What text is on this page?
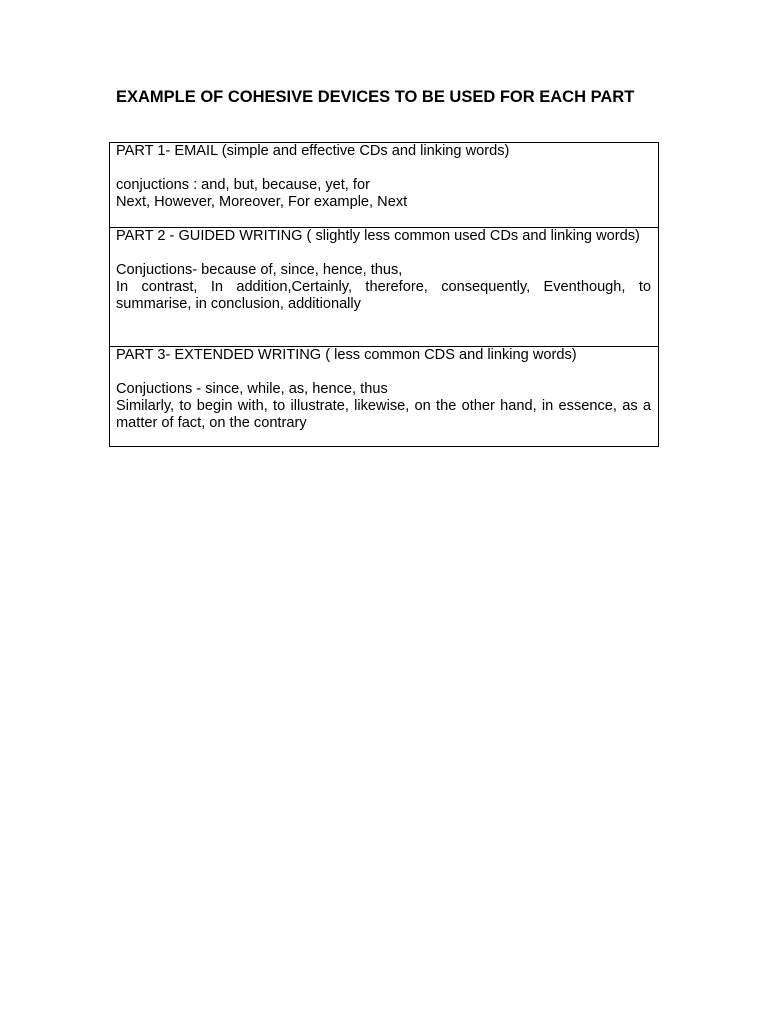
EXAMPLE OF COHESIVE DEVICES TO BE USED FOR EACH PART

PART 1- EMAIL (simple and effective CDs and linking words)

conjuctions : and, but, because, yet, for

Next, However, Moreover, For example, Next

PART 2 - GUIDED WRITING ( slightly less common used CDs and linking words)

Conjuctions- because of, since, hence, thus,

In contrast, In addition,Certainly, therefore, consequently, Eventhough, to summarise, in conclusion, additionally

PART 3- EXTENDED WRITING ( less common CDS and linking words)

Conjuctions - since, while, as, hence, thus

Similarly, to begin with, to illustrate, likewise, on the other hand, in essence, as a matter of fact, on the contrary
